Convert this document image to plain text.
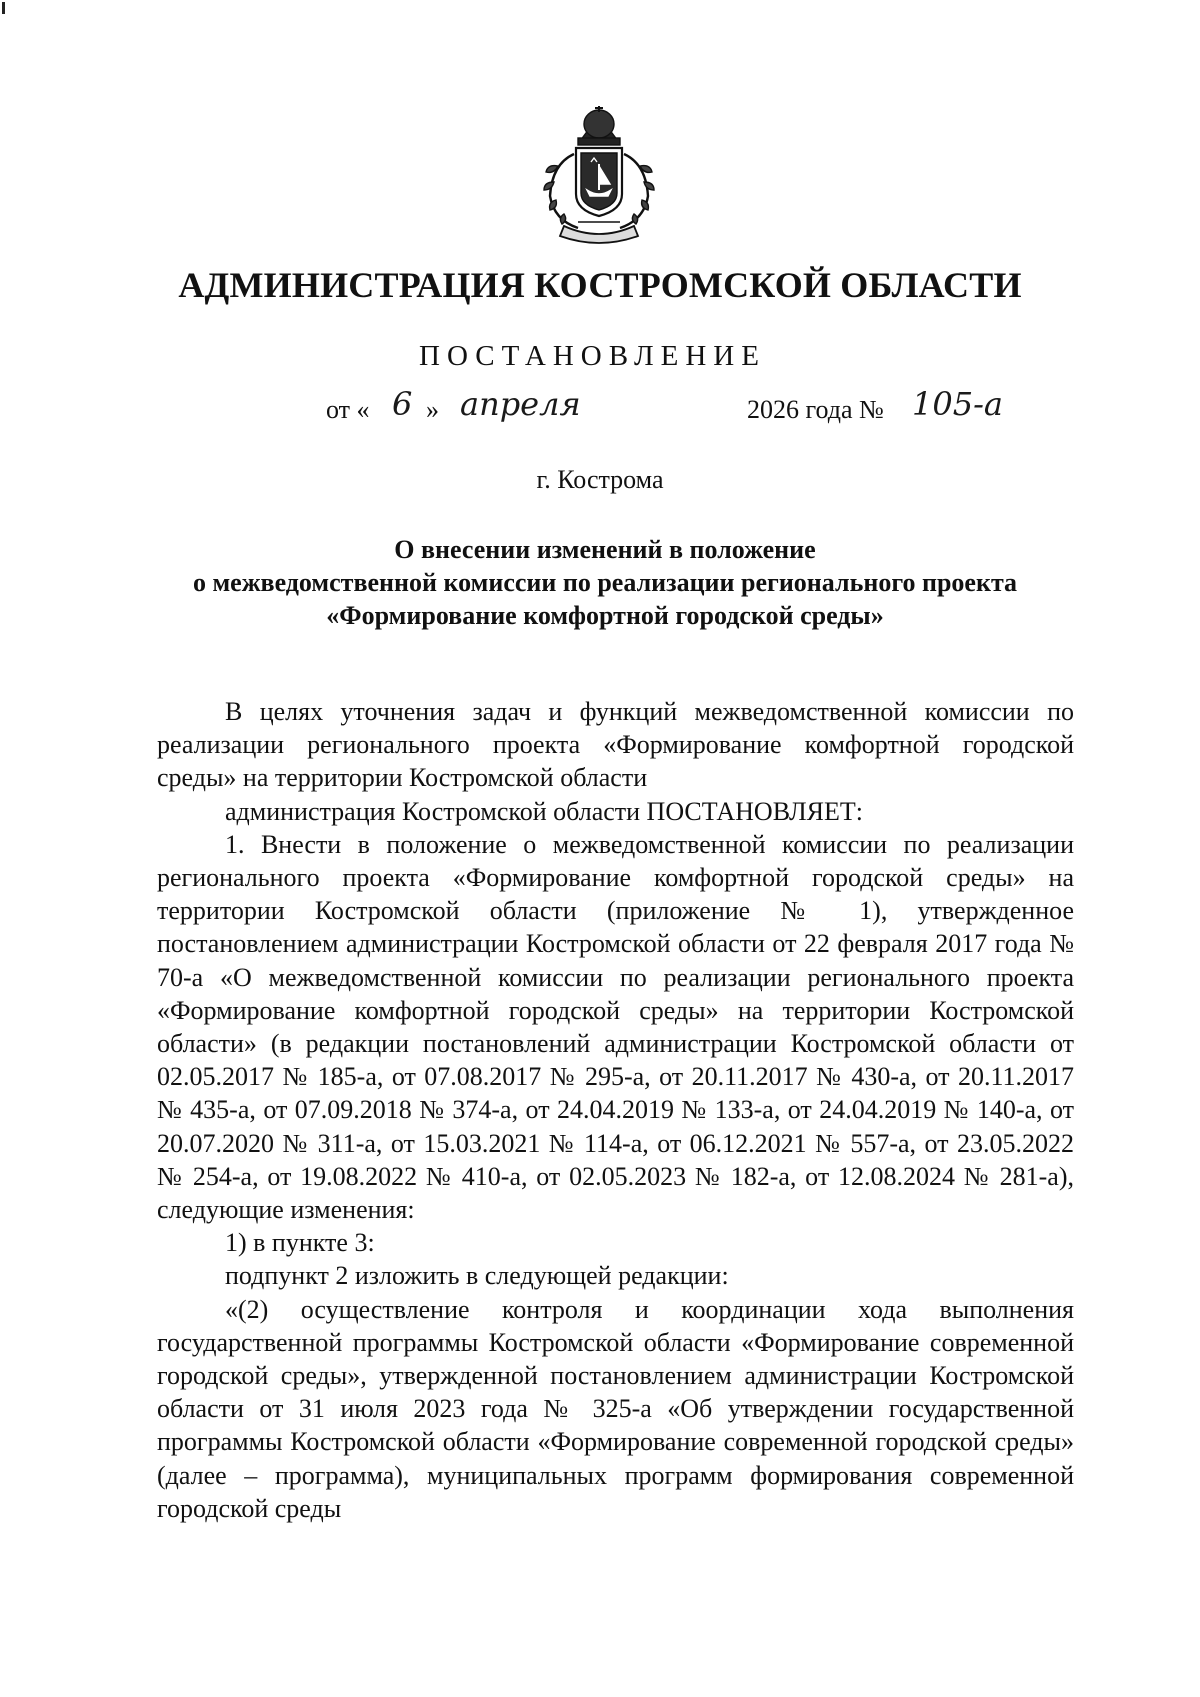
АДМИНИСТРАЦИЯ КОСТРОМСКОЙ ОБЛАСТИ
ПОСТАНОВЛЕНИЕ
от « 6 » апреля	2026 года № 105-а
г. Кострома
О внесении изменений в положение
о межведомственной комиссии по реализации регионального проекта
«Формирование комфортной городской среды»

В целях уточнения задач и функций межведомственной комиссии по реализации регионального проекта «Формирование комфортной городской среды» на территории Костромской области

администрация Костромской области ПОСТАНОВЛЯЕТ:

1. Внести в положение о межведомственной комиссии по реализации регионального проекта «Формирование комфортной городской среды» на территории Костромской области (приложение № 1), утвержденное постановлением администрации Костромской области от 22 февраля 2017 года № 70-а «О межведомственной комиссии по реализации регионального проекта «Формирование комфортной городской среды» на территории Костромской области» (в редакции постановлений администрации Костромской области от 02.05.2017 № 185-а, от 07.08.2017 № 295-а, от 20.11.2017 № 430-а, от 20.11.2017 № 435-а, от 07.09.2018 № 374-а, от 24.04.2019 № 133-а, от 24.04.2019 № 140-а, от 20.07.2020 № 311-а, от 15.03.2021 № 114-а, от 06.12.2021 № 557-а, от 23.05.2022 № 254-а, от 19.08.2022 № 410-а, от 02.05.2023 № 182-а, от 12.08.2024 № 281-а), следующие изменения:

1) в пункте 3:

подпункт 2 изложить в следующей редакции:

«(2) осуществление контроля и координации хода выполнения государственной программы Костромской области «Формирование современной городской среды», утвержденной постановлением администрации Костромской области от 31 июля 2023 года № 325-а «Об утверждении государственной программы Костромской области «Формирование современной городской среды» (далее – программа), муниципальных программ формирования современной городской среды
